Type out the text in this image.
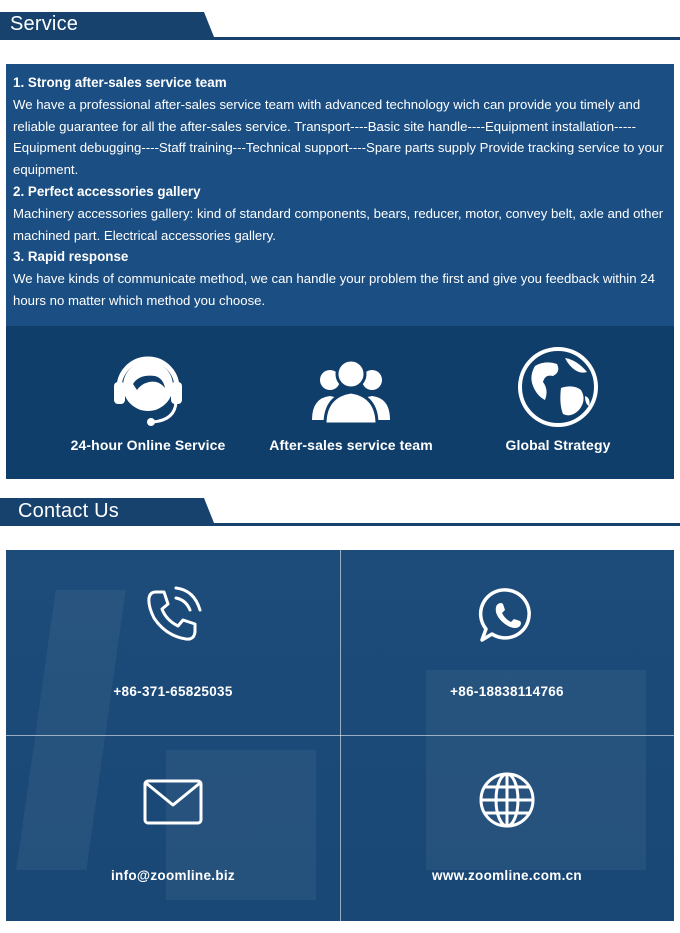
Service
1. Strong after-sales service team
We have a professional after-sales service team with advanced technology wich can provide you timely and reliable guarantee for all the after-sales service. Transport----Basic site handle----Equipment installation-----Equipment debugging----Staff training---Technical support----Spare parts supply Provide tracking service to your equipment.
2. Perfect accessories gallery
Machinery accessories gallery: kind of standard components, bears, reducer, motor, convey belt, axle and other machined part. Electrical accessories gallery.
3. Rapid response
We have kinds of communicate method, we can handle your problem the first and give you feedback within 24 hours no matter which method you choose.
24-hour Online Service	After-sales service team	Global Strategy
Contact Us
+86-371-65825035	+86-18838114766
info@zoomline.biz	www.zoomline.com.cn
